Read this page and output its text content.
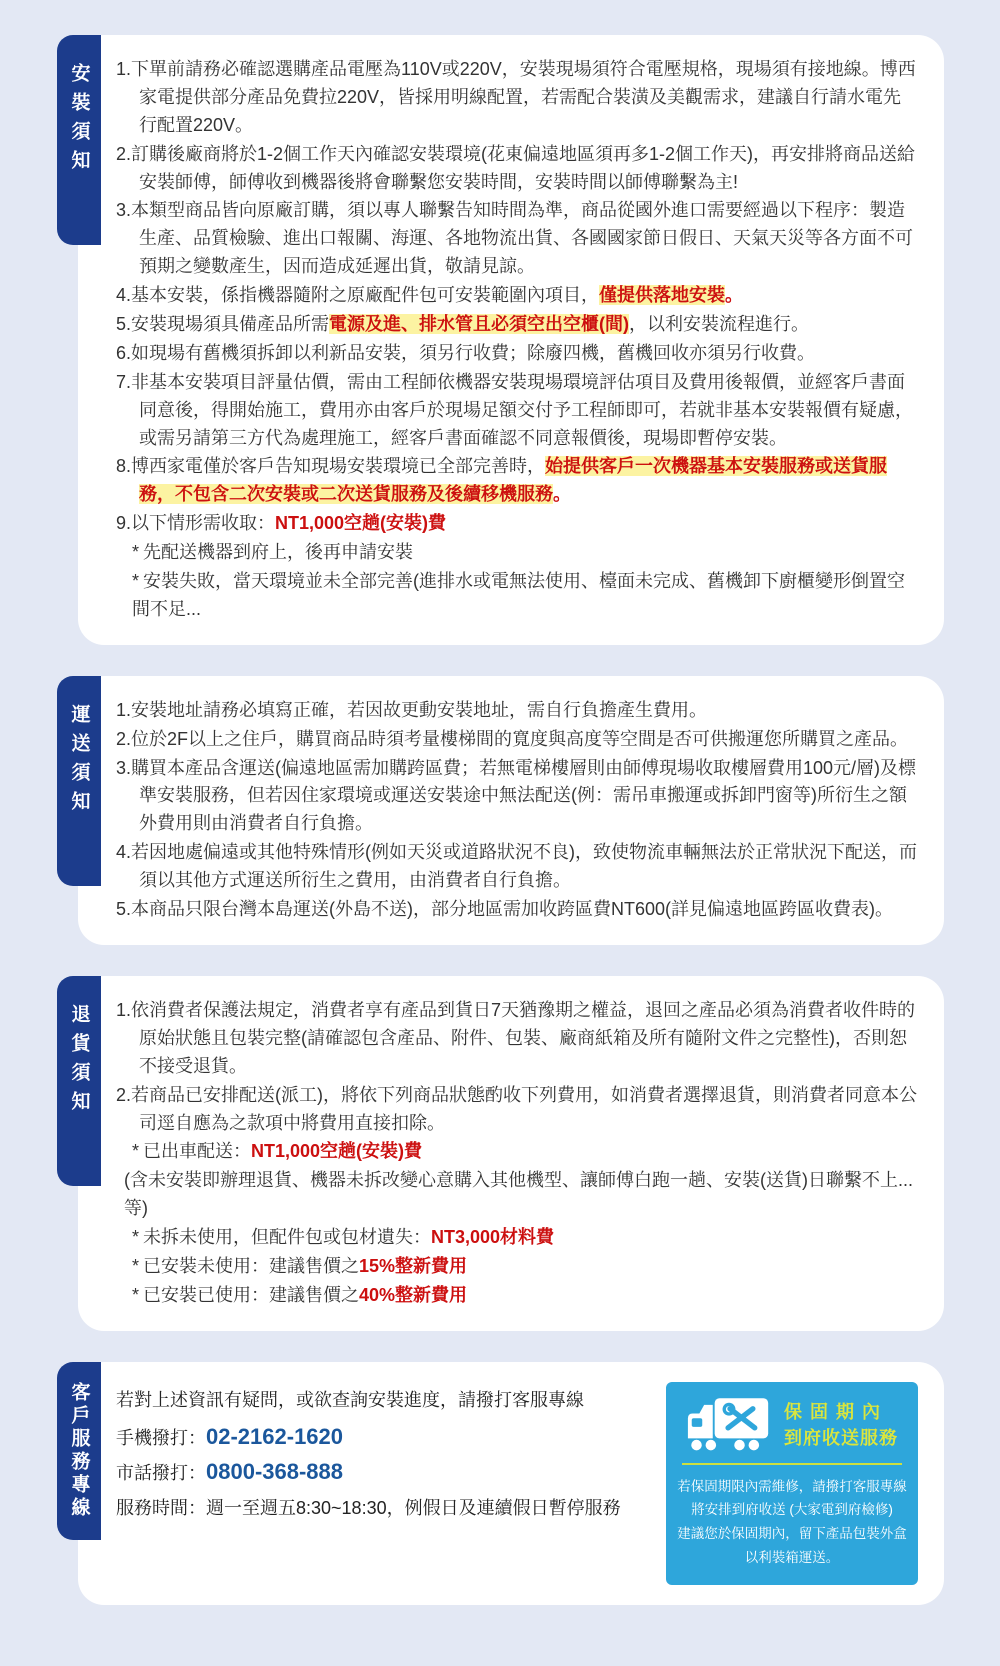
安裝須知 1.下單前請務必確認選購產品電壓為110V或220V，安裝現場須符合電壓規格，現場須有接地線。博西家電提供部分產品免費拉220V，皆採用明線配置，若需配合裝潢及美觀需求，建議自行請水電先行配置220V。
2.訂購後廠商將於1-2個工作天內確認安裝環境(花東偏遠地區須再多1-2個工作天)，再安排將商品送給安裝師傅，師傅收到機器後將會聯繫您安裝時間，安裝時間以師傅聯繫為主!
3.本類型商品皆向原廠訂購，須以專人聯繫告知時間為準，商品從國外進口需要經過以下程序：製造生產、品質檢驗、進出口報關、海運、各地物流出貨、各國國家節日假日、天氣天災等各方面不可預期之變數產生，因而造成延遲出貨，敬請見諒。
4.基本安裝，係指機器隨附之原廠配件包可安裝範圍內項目，僅提供落地安裝。
5.安裝現場須具備產品所需電源及進、排水管且必須空出空櫃(間)，以利安裝流程進行。
6.如現場有舊機須拆卸以利新品安裝，須另行收費；除廢四機，舊機回收亦須另行收費。
7.非基本安裝項目評量估價，需由工程師依機器安裝現場環境評估項目及費用後報價，並經客戶書面同意後，得開始施工，費用亦由客戶於現場足額交付予工程師即可，若就非基本安裝報價有疑慮，或需另請第三方代為處理施工，經客戶書面確認不同意報價後，現場即暫停安裝。
8.博西家電僅於客戶告知現場安裝環境已全部完善時，始提供客戶一次機器基本安裝服務或送貨服務，不包含二次安裝或二次送貨服務及後續移機服務。
9.以下情形需收取：NT1,000空趟(安裝)費
* 先配送機器到府上，後再申請安裝
* 安裝失敗，當天環境並未全部完善(進排水或電無法使用、檯面未完成、舊機卸下廚櫃變形倒置空間不足...
運送須知 1.安裝地址請務必填寫正確，若因故更動安裝地址，需自行負擔產生費用。
2.位於2F以上之住戶，購買商品時須考量樓梯間的寬度與高度等空間是否可供搬運您所購買之產品。
3.購買本產品含運送(偏遠地區需加購跨區費；若無電梯樓層則由師傅現場收取樓層費用100元/層)及標準安裝服務，但若因住家環境或運送安裝途中無法配送(例：需吊車搬運或拆卸門窗等)所衍生之額外費用則由消費者自行負擔。
4.若因地處偏遠或其他特殊情形(例如天災或道路狀況不良)，致使物流車輛無法於正常狀況下配送，而須以其他方式運送所衍生之費用，由消費者自行負擔。
5.本商品只限台灣本島運送(外島不送)，部分地區需加收跨區費NT600(詳見偏遠地區跨區收費表)。
退貨須知 1.依消費者保護法規定，消費者享有產品到貨日7天猶豫期之權益，退回之產品必須為消費者收件時的原始狀態且包裝完整(請確認包含產品、附件、包裝、廠商紙箱及所有隨附文件之完整性)，否則恕不接受退貨。
2.若商品已安排配送(派工)，將依下列商品狀態酌收下列費用，如消費者選擇退貨，則消費者同意本公司逕自應為之款項中將費用直接扣除。
* 已出車配送：NT1,000空趟(安裝)費
(含未安裝即辦理退貨、機器未拆改變心意購入其他機型、讓師傅白跑一趟、安裝(送貨)日聯繫不上...等)
* 未拆未使用，但配件包或包材遺失：NT3,000材料費
* 已安裝未使用：建議售價之15%整新費用
* 已安裝已使用：建議售價之40%整新費用
客戶服務專線 若對上述資訊有疑問，或欲查詢安裝進度，請撥打客服專線
手機撥打： 02-2162-1620
市話撥打： 0800-368-888
服務時間： 週一至週五8:30~18:30，例假日及連續假日暫停服務
保固期內
到府收送服務
若保固期限內需維修，請撥打客服專線
將安排到府收送 (大家電到府檢修)
建議您於保固期內，留下產品包裝外盒
以利裝箱運送。
